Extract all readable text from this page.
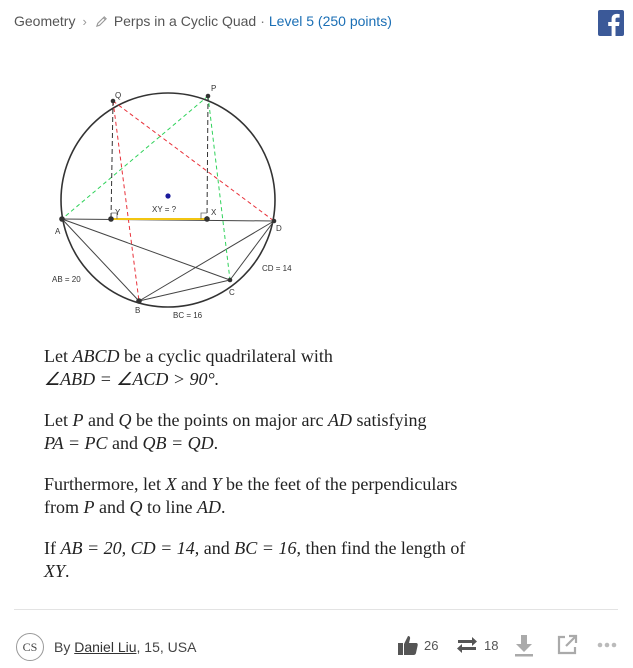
Geometry › Perps in a Cyclic Quad · Level 5 (250 points)
P
Q
A
B
C
D
X
Y	XY = ?
AB = 20
BC = 16
CD = 14

Let ABCD be a cyclic quadrilateral with
∠ABD = ∠ACD > 90°.

Let P and Q be the points on major arc AD satisfying
PA = PC and QB = QD.

Furthermore, let X and Y be the feet of the perpendiculars
from P and Q to line AD.

If AB = 20, CD = 14, and BC = 16, then find the length of
XY.

CS	By Daniel Liu, 15, USA	26	18
